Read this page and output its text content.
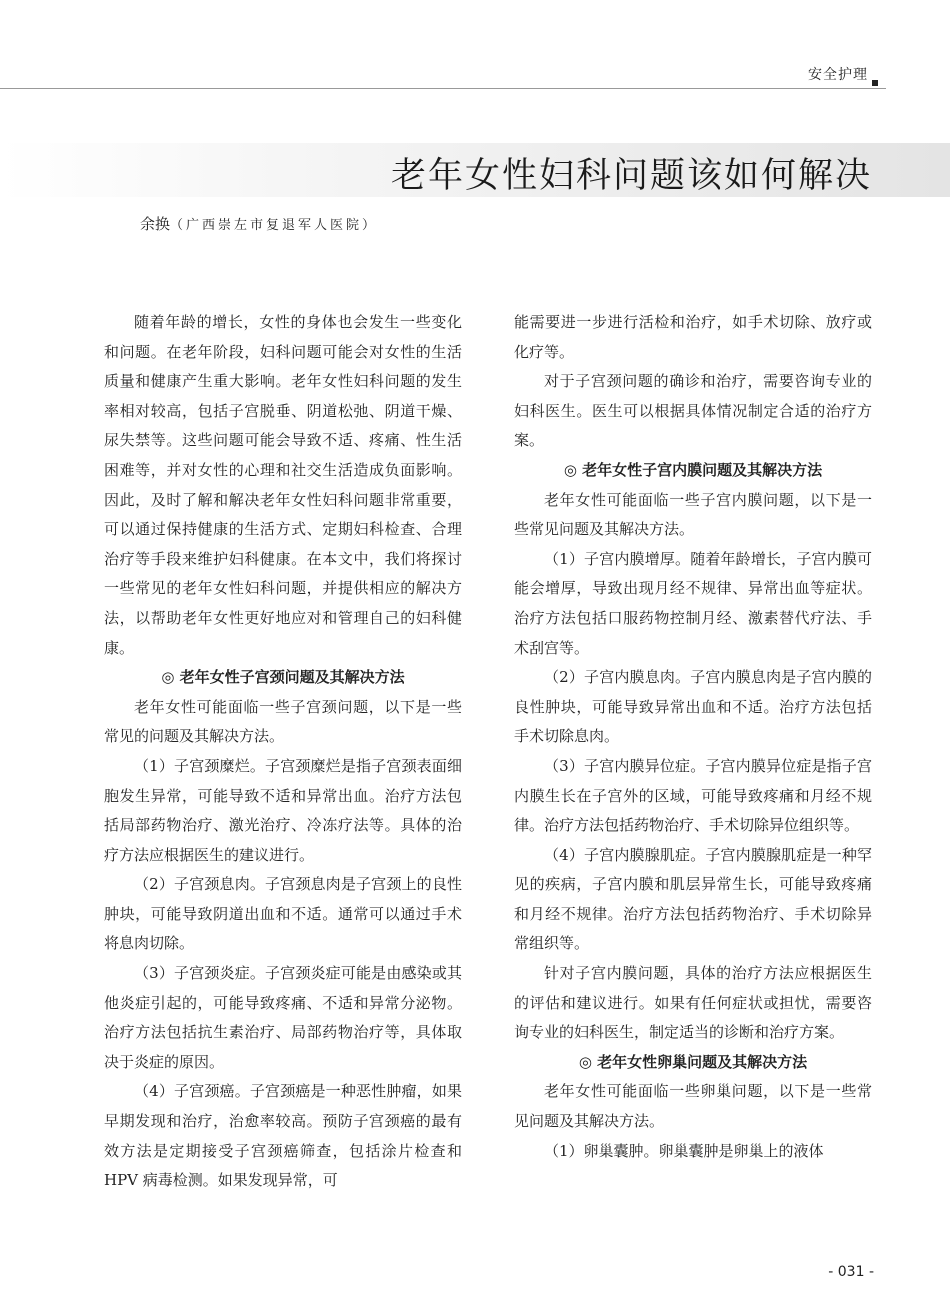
安全护理
老年女性妇科问题该如何解决
余换（广西崇左市复退军人医院）

随着年龄的增长，女性的身体也会发生一些变化和问题。在老年阶段，妇科问题可能会对女性的生活质量和健康产生重大影响。老年女性妇科问题的发生率相对较高，包括子宫脱垂、阴道松弛、阴道干燥、尿失禁等。这些问题可能会导致不适、疼痛、性生活困难等，并对女性的心理和社交生活造成负面影响。因此，及时了解和解决老年女性妇科问题非常重要，可以通过保持健康的生活方式、定期妇科检查、合理治疗等手段来维护妇科健康。在本文中，我们将探讨一些常见的老年女性妇科问题，并提供相应的解决方法，以帮助老年女性更好地应对和管理自己的妇科健康。

◎ 老年女性子宫颈问题及其解决方法

老年女性可能面临一些子宫颈问题，以下是一些常见的问题及其解决方法。

（1）子宫颈糜烂。子宫颈糜烂是指子宫颈表面细胞发生异常，可能导致不适和异常出血。治疗方法包括局部药物治疗、激光治疗、冷冻疗法等。具体的治疗方法应根据医生的建议进行。

（2）子宫颈息肉。子宫颈息肉是子宫颈上的良性肿块，可能导致阴道出血和不适。通常可以通过手术将息肉切除。

（3）子宫颈炎症。子宫颈炎症可能是由感染或其他炎症引起的，可能导致疼痛、不适和异常分泌物。治疗方法包括抗生素治疗、局部药物治疗等，具体取决于炎症的原因。

（4）子宫颈癌。子宫颈癌是一种恶性肿瘤，如果早期发现和治疗，治愈率较高。预防子宫颈癌的最有效方法是定期接受子宫颈癌筛查，包括涂片检查和 HPV 病毒检测。如果发现异常，可

能需要进一步进行活检和治疗，如手术切除、放疗或化疗等。

对于子宫颈问题的确诊和治疗，需要咨询专业的妇科医生。医生可以根据具体情况制定合适的治疗方案。

◎ 老年女性子宫内膜问题及其解决方法

老年女性可能面临一些子宫内膜问题，以下是一些常见问题及其解决方法。

（1）子宫内膜增厚。随着年龄增长，子宫内膜可能会增厚，导致出现月经不规律、异常出血等症状。治疗方法包括口服药物控制月经、激素替代疗法、手术刮宫等。

（2）子宫内膜息肉。子宫内膜息肉是子宫内膜的良性肿块，可能导致异常出血和不适。治疗方法包括手术切除息肉。

（3）子宫内膜异位症。子宫内膜异位症是指子宫内膜生长在子宫外的区域，可能导致疼痛和月经不规律。治疗方法包括药物治疗、手术切除异位组织等。

（4）子宫内膜腺肌症。子宫内膜腺肌症是一种罕见的疾病，子宫内膜和肌层异常生长，可能导致疼痛和月经不规律。治疗方法包括药物治疗、手术切除异常组织等。

针对子宫内膜问题，具体的治疗方法应根据医生的评估和建议进行。如果有任何症状或担忧，需要咨询专业的妇科医生，制定适当的诊断和治疗方案。

◎ 老年女性卵巢问题及其解决方法

老年女性可能面临一些卵巢问题，以下是一些常见问题及其解决方法。

（1）卵巢囊肿。卵巢囊肿是卵巢上的液体

- 031 -
